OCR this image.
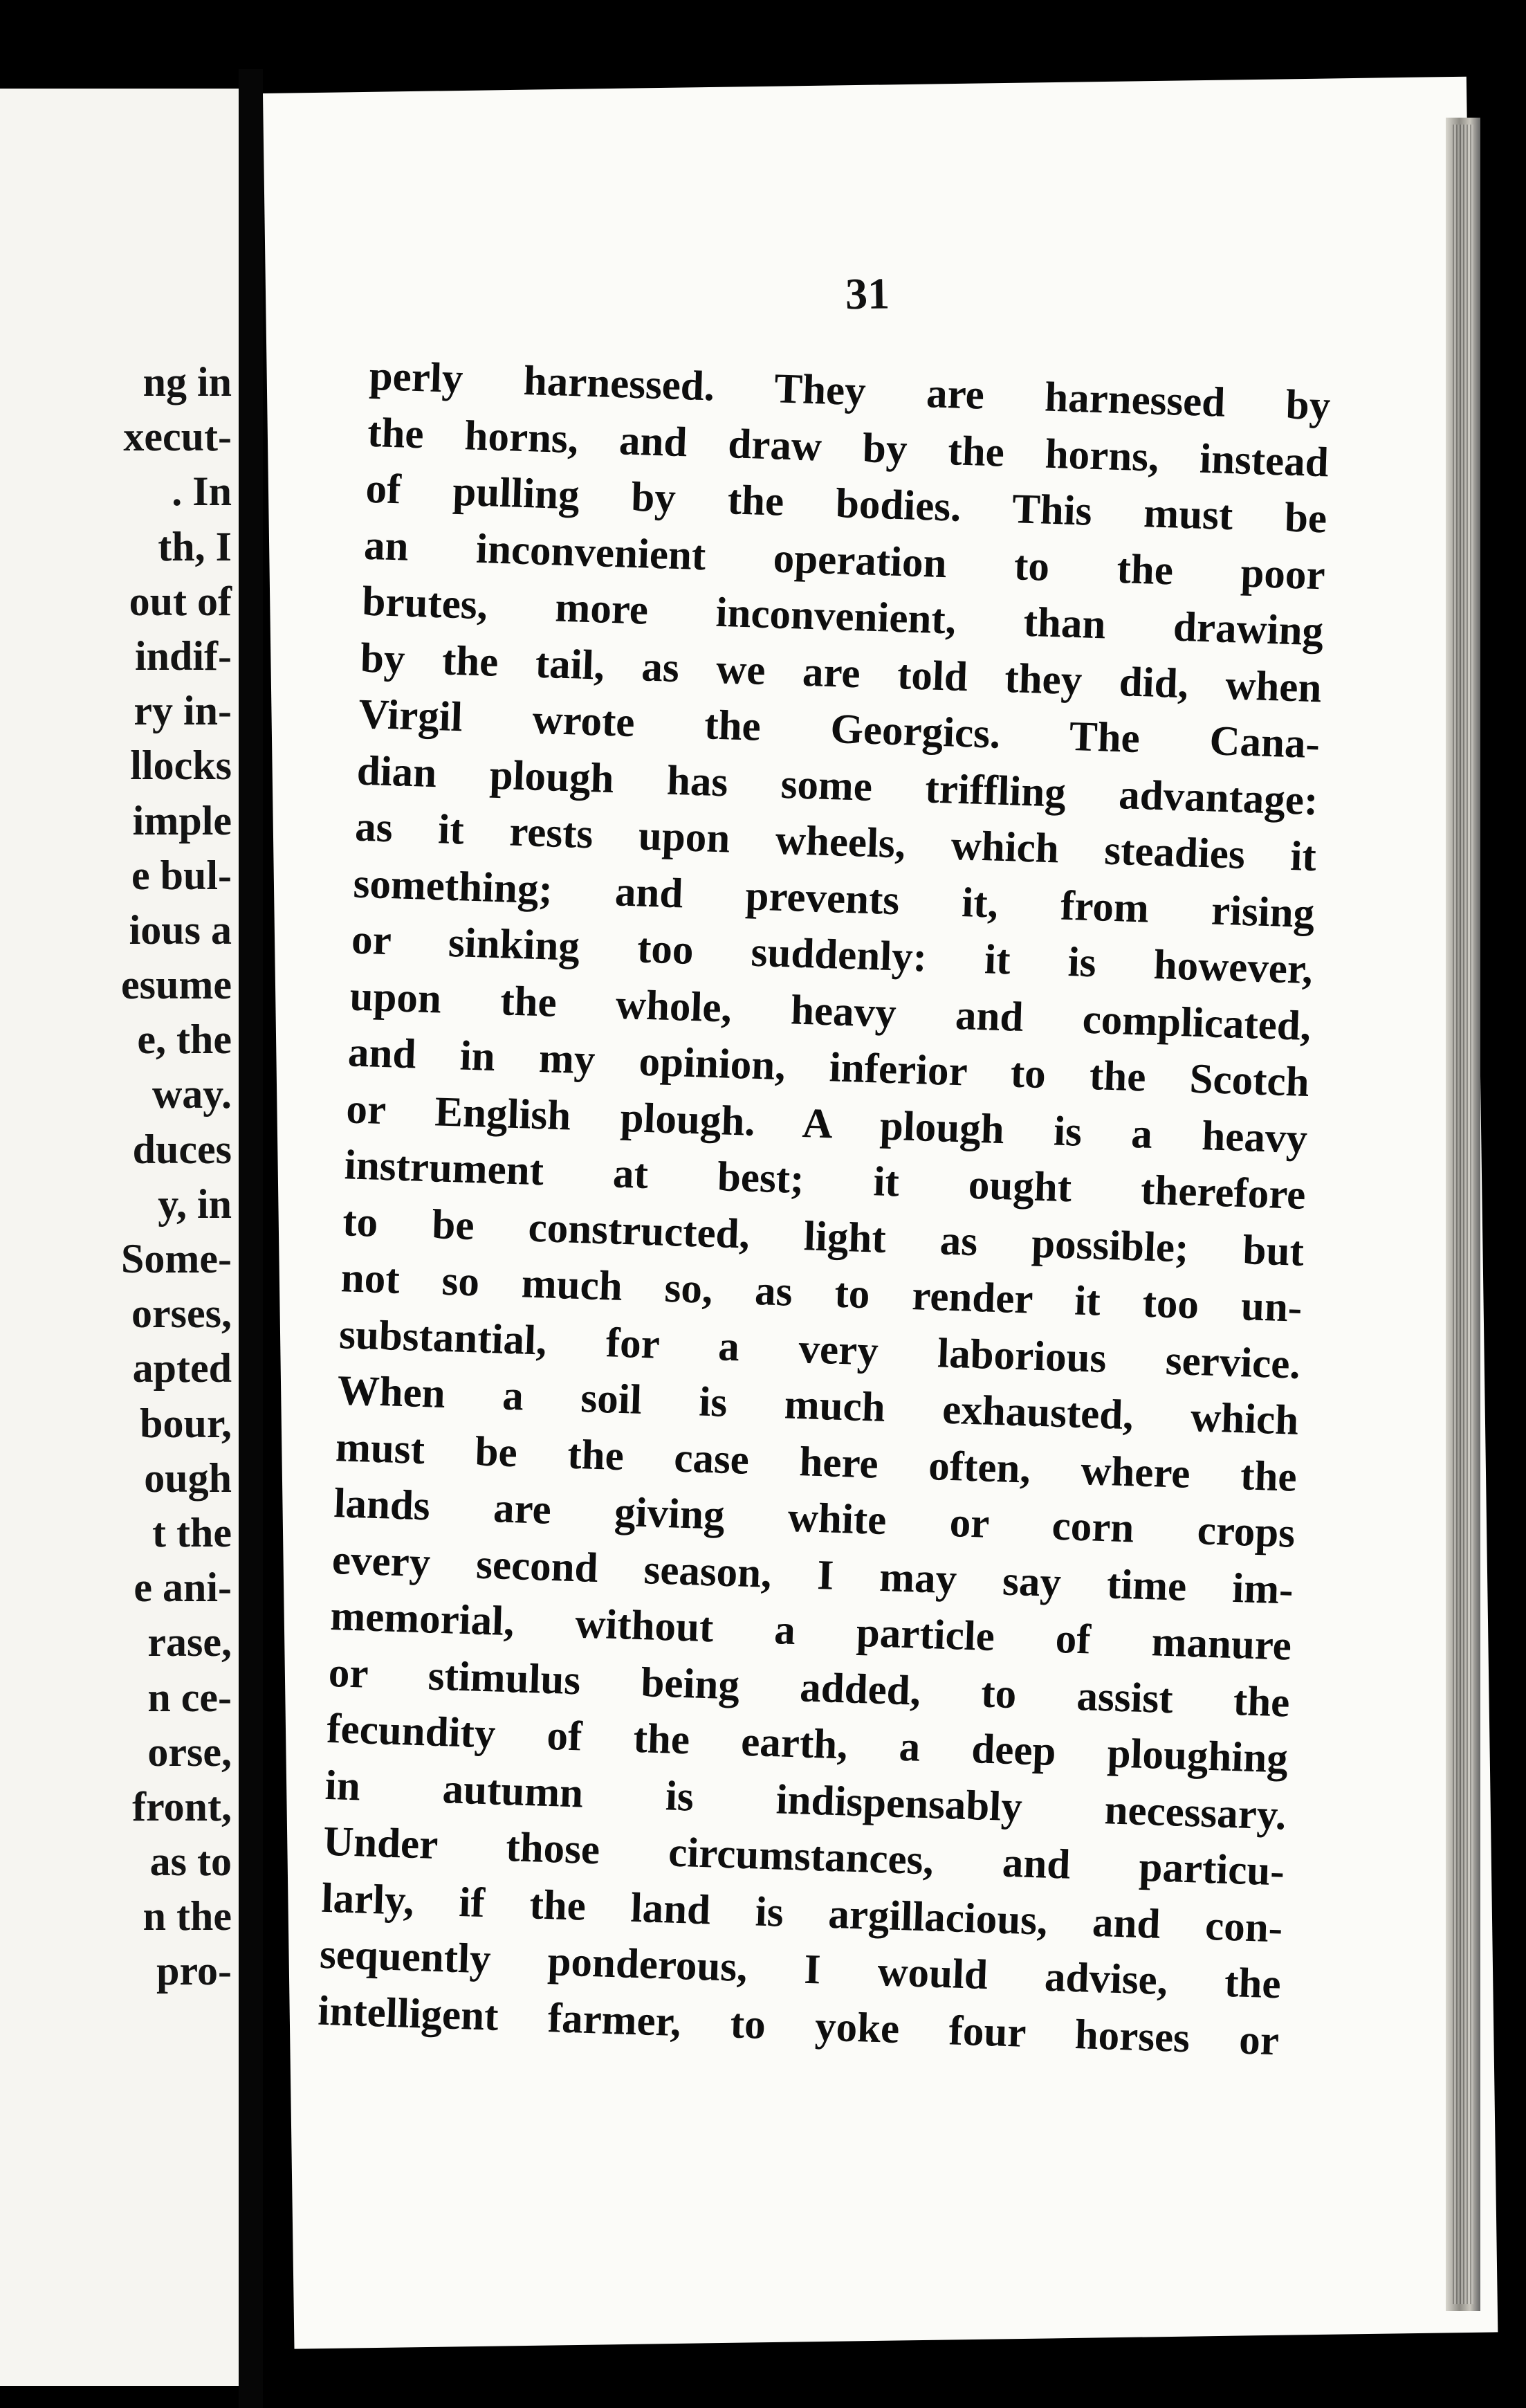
ng in
xecut-
. In
th, I
out of
indif-
ry in-
llocks
imple
e bul-
ious a
esume
e, the
way.
duces
y, in
Some-
orses,
apted
bour,
ough
t the
e ani-
rase,
n ce-
orse,
front,
as to
n the
pro-
31
perly harnessed. They are harnessed by
the horns, and draw by the horns, instead
of pulling by the bodies. This must be
an inconvenient operation to the poor
brutes, more inconvenient, than drawing
by the tail, as we are told they did, when
Virgil wrote the Georgics. The Cana-
dian plough has some triffling advantage:
as it rests upon wheels, which steadies it
something; and prevents it, from rising
or sinking too suddenly: it is however,
upon the whole, heavy and complicated,
and in my opinion, inferior to the Scotch
or English plough. A plough is a heavy
instrument at best; it ought therefore
to be constructed, light as possible; but
not so much so, as to render it too un-
substantial, for a very laborious service.
When a soil is much exhausted, which
must be the case here often, where the
lands are giving white or corn crops
every second season, I may say time im-
memorial, without a particle of manure
or stimulus being added, to assist the
fecundity of the earth, a deep ploughing
in autumn is indispensably necessary.
Under those circumstances, and particu-
larly, if the land is argillacious, and con-
sequently ponderous, I would advise, the
intelligent farmer, to yoke four horses or
